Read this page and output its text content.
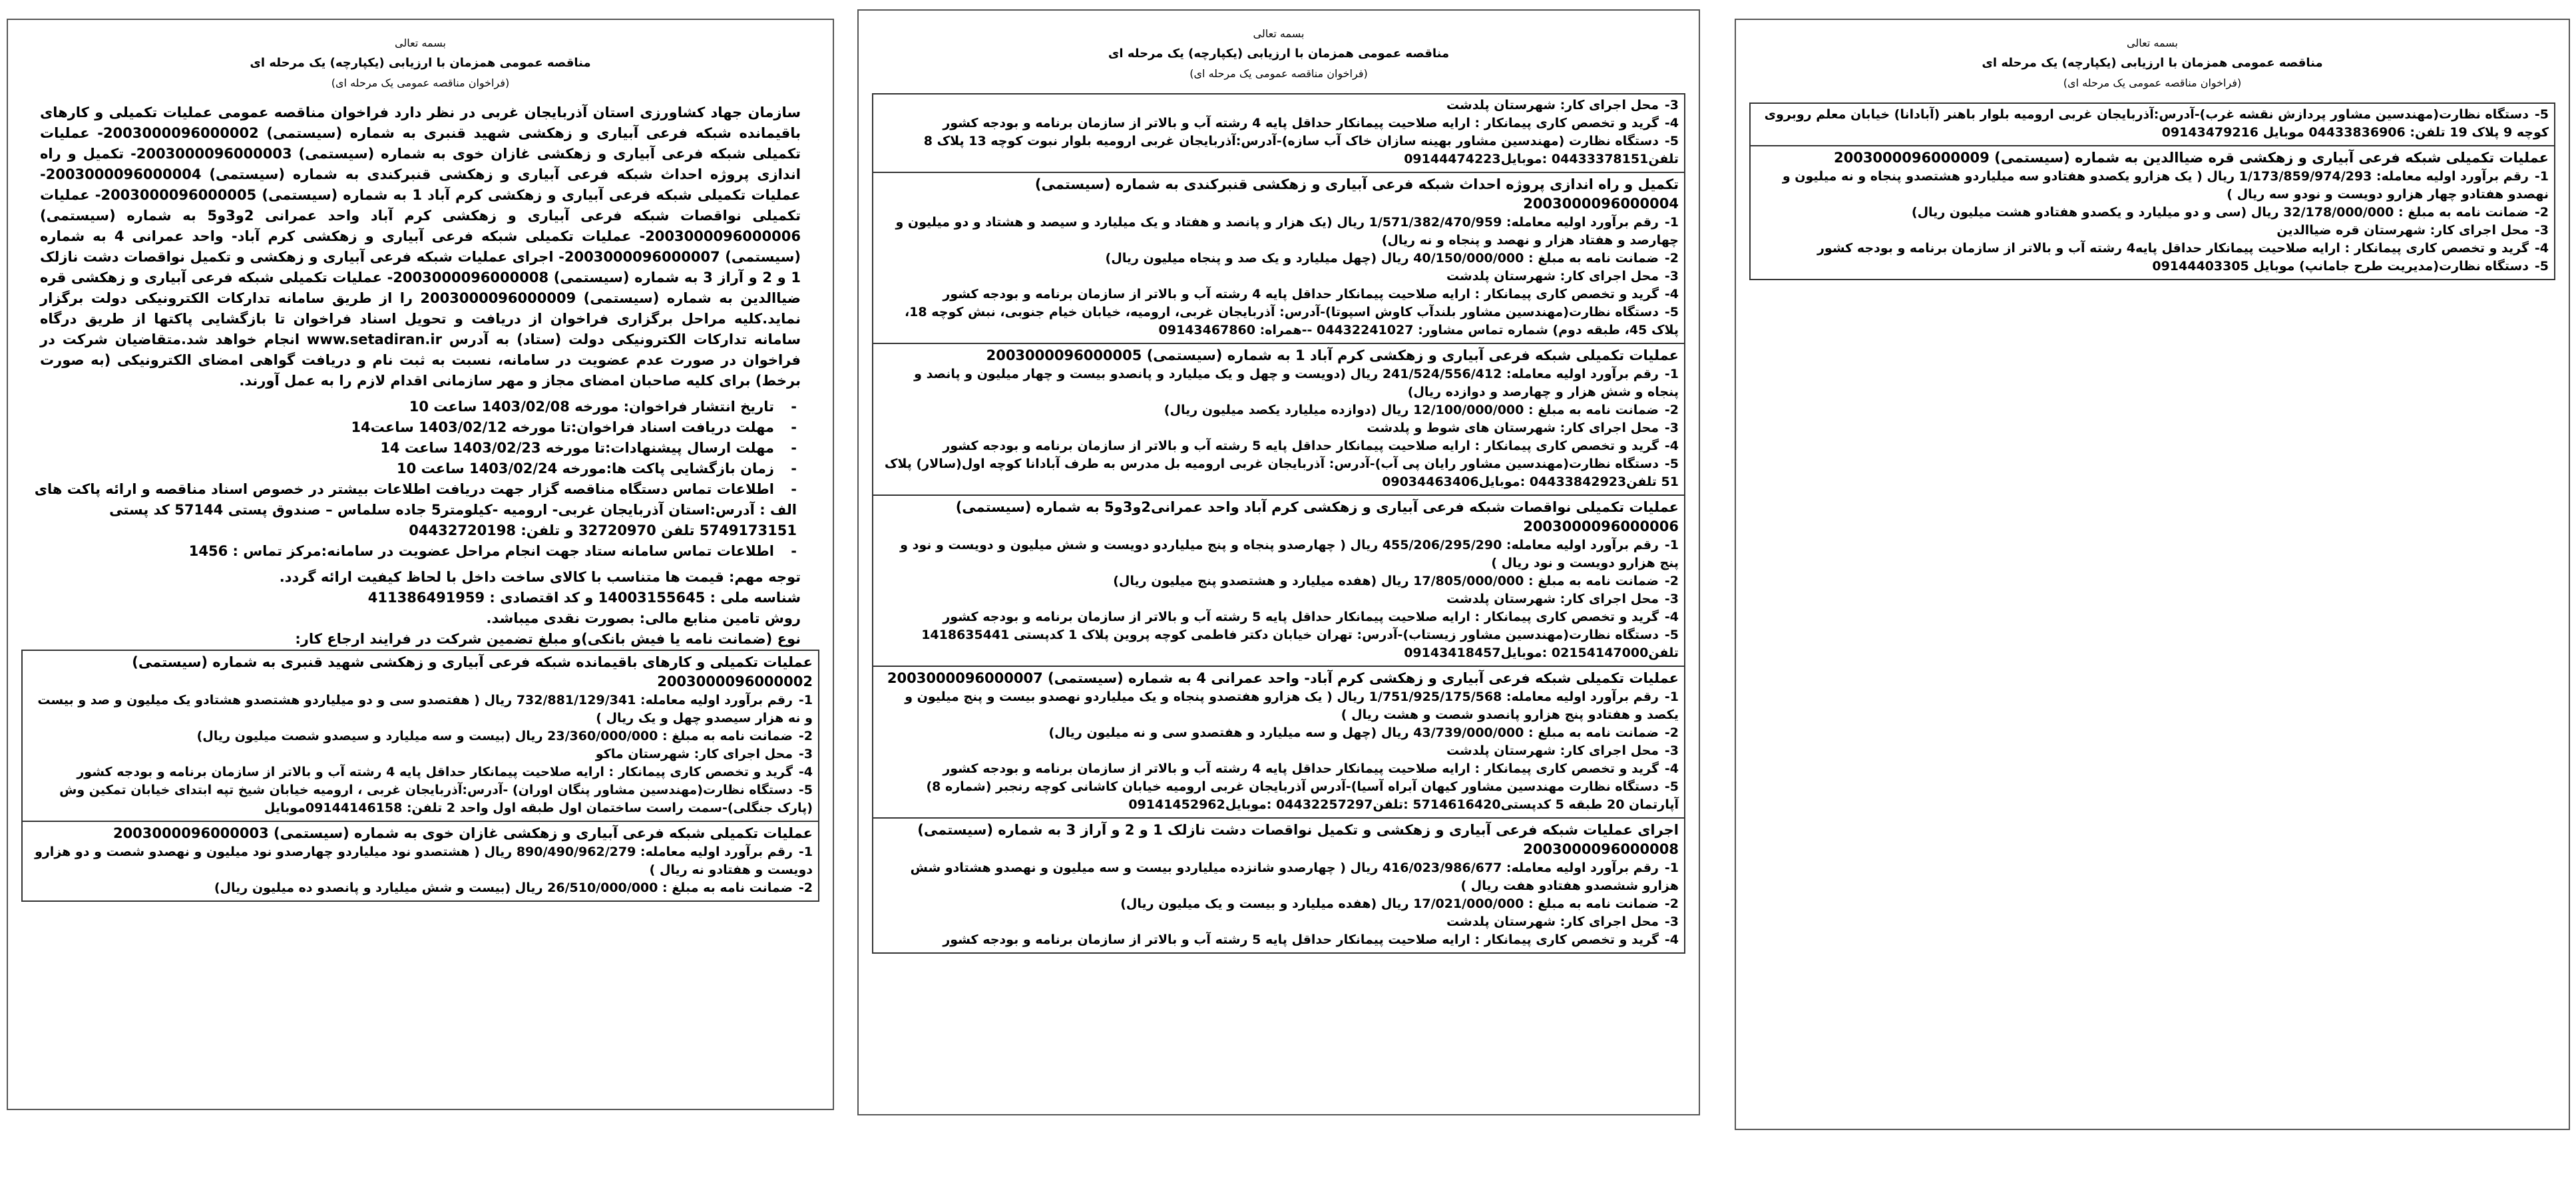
بسمه تعالی
مناقصه عمومی همزمان با ارزیابی (یکپارچه) یک مرحله ای
(فراخوان مناقصه عمومی یک مرحله ای)
سازمان جهاد کشاورزی استان آذربایجان غربی در نظر دارد فراخوان مناقصه عمومی عملیات تکمیلی و کارهای باقیمانده شبکه فرعی آبیاری و زهکشی شهید قنبری به شماره (سیستمی) 2003000096000002- عملیات تکمیلی شبکه فرعی آبیاری و زهکشی غازان خوی به شماره (سیستمی) 2003000096000003- تکمیل و راه اندازی پروژه احداث شبکه فرعی آبیاری و زهکشی قنبرکندی به شماره (سیستمی) 2003000096000004- عملیات تکمیلی شبکه فرعی آبیاری و زهکشی کرم آباد 1 به شماره (سیستمی) 2003000096000005- عملیات تکمیلی نواقصات شبکه فرعی آبیاری و زهکشی کرم آباد واحد عمرانی 2و3و5 به شماره (سیستمی) 2003000096000006- عملیات تکمیلی شبکه فرعی آبیاری و زهکشی کرم آباد- واحد عمرانی 4 به شماره (سیستمی) 2003000096000007- اجرای عملیات شبکه فرعی آبیاری و زهکشی و تکمیل نواقصات دشت نازلک 1 و 2 و آراز 3 به شماره (سیستمی) 2003000096000008- عملیات تکمیلی شبکه فرعی آبیاری و زهکشی قره ضیاالدین به شماره (سیستمی) 2003000096000009 را از طریق سامانه تدارکات الکترونیکی دولت برگزار نماید.کلیه مراحل برگزاری فراخوان از دریافت و تحویل اسناد فراخوان تا بازگشایی پاکتها از طریق درگاه سامانه تدارکات الکترونیکی دولت (ستاد) به آدرس www.setadiran.ir انجام خواهد شد.متقاضیان شرکت در فراخوان در صورت عدم عضویت در سامانه، نسبت به ثبت نام و دریافت گواهی امضای الکترونیکی (به صورت برخط) برای کلیه صاحبان امضای مجاز و مهر سازمانی اقدام لازم را به عمل آورند.
- تاریخ انتشار فراخوان: مورخه 1403/02/08 ساعت 10
- مهلت دریافت اسناد فراخوان:تا مورخه 1403/02/12 ساعت14
- مهلت ارسال پیشنهادات:تا مورخه 1403/02/23 ساعت 14
- زمان بازگشایی پاکت ها:مورخه 1403/02/24 ساعت 10
- اطلاعات تماس دستگاه مناقصه گزار جهت دریافت اطلاعات بیشتر در خصوص اسناد مناقصه و ارائه پاکت های الف : آدرس:استان آذربایجان غربی- ارومیه -کیلومتر5 جاده سلماس – صندوق پستی 57144 کد پستی 5749173151 تلفن 32720970 و تلفن: 04432720198
- اطلاعات تماس سامانه ستاد جهت انجام مراحل عضویت در سامانه:مرکز تماس : 1456
توجه مهم: قیمت ها متناسب با کالای ساخت داخل با لحاظ کیفیت ارائه گردد.
شناسه ملی : 14003155645 و کد اقتصادی : 411386491959
روش تامین منابع مالی: بصورت نقدی میباشد.
نوع (ضمانت نامه یا فیش بانکی)و مبلغ تضمین شرکت در فرایند ارجاع کار:
عملیات تکمیلی و کارهای باقیمانده شبکه فرعی آبیاری و زهکشی شهید قنبری به شماره (سیستمی) 2003000096000002
1-رقم برآورد اولیه معامله: 732/881/129/341 ریال ( هفتصدو سی و دو میلیاردو هشتصدو هشتادو یک میلیون و صد و بیست و نه هزار سیصدو چهل و یک ریال )
2-ضمانت نامه به مبلغ : 23/360/000/000 ریال (بیست و سه میلیارد و سیصدو شصت میلیون ریال)
3-محل اجرای کار: شهرستان ماکو
4-گرید و تخصص کاری پیمانکار : ارایه صلاحیت پیمانکار حداقل پایه 4 رشته آب و بالاتر از سازمان برنامه و بودجه کشور
5-دستگاه نظارت(مهندسین مشاور پنگان اوران) -آدرس:آذربایجان غربی ، ارومیه خیابان شیخ تپه ابتدای خیابان تمکین وش (پارک جنگلی)-سمت راست ساختمان اول طبقه اول واحد 2 تلفن: 09144146158موبایل
عملیات تکمیلی شبکه فرعی آبیاری و زهکشی غازان خوی به شماره (سیستمی) 2003000096000003
1-رقم برآورد اولیه معامله: 890/490/962/279 ریال ( هشتصدو نود میلیاردو چهارصدو نود میلیون و نهصدو شصت و دو هزارو دویست و هفتادو نه ریال )
2-ضمانت نامه به مبلغ : 26/510/000/000 ریال (بیست و شش میلیارد و پانصدو ده میلیون ریال)
بسمه تعالی
مناقصه عمومی همزمان با ارزیابی (یکپارچه) یک مرحله ای
(فراخوان مناقصه عمومی یک مرحله ای)
3-محل اجرای کار: شهرستان پلدشت
4-گرید و تخصص کاری پیمانکار : ارایه صلاحیت پیمانکار حداقل پایه 4 رشته آب و بالاتر از سازمان برنامه و بودجه کشور
5-دستگاه نظارت (مهندسین مشاور بهینه سازان خاک آب سازه)-آدرس:آذربایجان غربی ارومیه بلوار نبوت کوچه 13 پلاک 8 تلفن04433378151 :موبایل09144474223
تکمیل و راه اندازی پروژه احداث شبکه فرعی آبیاری و زهکشی قنبرکندی به شماره (سیستمی) 2003000096000004
1-رقم برآورد اولیه معامله: 1/571/382/470/959 ریال (یک هزار و پانصد و هفتاد و یک میلیارد و سیصد و هشتاد و دو میلیون و چهارصد و هفتاد هزار و نهصد و پنجاه و نه ریال)
2-ضمانت نامه به مبلغ : 40/150/000/000 ریال (چهل میلیارد و یک صد و پنجاه میلیون ریال)
3-محل اجرای کار: شهرستان پلدشت
4-گرید و تخصص کاری پیمانکار : ارایه صلاحیت پیمانکار حداقل پایه 4 رشته آب و بالاتر از سازمان برنامه و بودجه کشور
5-دستگاه نظارت(مهندسین مشاور بلندآب کاوش اسپوتا)-آدرس: آذربایجان غربی، ارومیه، خیابان خیام جنوبی، نبش کوچه 18، پلاک 45، طبقه دوم) شماره تماس مشاور: 04432241027 --همراه: 09143467860
عملیات تکمیلی شبکه فرعی آبیاری و زهکشی کرم آباد 1 به شماره (سیستمی) 2003000096000005
1-رقم برآورد اولیه معامله: 241/524/556/412 ریال (دویست و چهل و یک میلیارد و پانصدو بیست و چهار میلیون و پانصد و پنجاه و شش هزار و چهارصد و دوازده ریال)
2-ضمانت نامه به مبلغ : 12/100/000/000 ریال (دوازده میلیارد یکصد میلیون ریال)
3-محل اجرای کار: شهرستان های شوط و پلدشت
4-گرید و تخصص کاری پیمانکار : ارایه صلاحیت پیمانکار حداقل پایه 5 رشته آب و بالاتر از سازمان برنامه و بودجه کشور
5-دستگاه نظارت(مهندسین مشاور رایان پی آب)-آدرس: آذربایجان غربی ارومیه بل مدرس به طرف آبادانا کوچه اول(سالار) پلاک 51 تلفن04433842923 :موبایل09034463406
عملیات تکمیلی نواقصات شبکه فرعی آبیاری و زهکشی کرم آباد واحد عمرانی2و3و5 به شماره (سیستمی) 2003000096000006
1-رقم برآورد اولیه معامله: 455/206/295/290 ریال ( چهارصدو پنجاه و پنج میلیاردو دویست و شش میلیون و دویست و نود و پنج هزارو دویست و نود ریال )
2-ضمانت نامه به مبلغ : 17/805/000/000 ریال (هفده میلیارد و هشتصدو پنج میلیون ریال)
3-محل اجرای کار: شهرستان پلدشت
4-گرید و تخصص کاری پیمانکار : ارایه صلاحیت پیمانکار حداقل پایه 5 رشته آب و بالاتر از سازمان برنامه و بودجه کشور
5-دستگاه نظارت(مهندسین مشاور زیستاب)-آدرس: تهران خیابان دکتر فاطمی کوچه پروین پلاک 1 کدپستی 1418635441 تلفن02154147000 :موبایل09143418457
عملیات تکمیلی شبکه فرعی آبیاری و زهکشی کرم آباد- واحد عمرانی 4 به شماره (سیستمی) 2003000096000007
1-رقم برآورد اولیه معامله: 1/751/925/175/568 ریال ( یک هزارو هفتصدو پنجاه و یک میلیاردو نهصدو بیست و پنج میلیون و یکصد و هفتادو پنج هزارو پانصدو شصت و هشت ریال )
2-ضمانت نامه به مبلغ : 43/739/000/000 ریال (چهل و سه میلیارد و هفتصدو سی و نه میلیون ریال)
3-محل اجرای کار: شهرستان پلدشت
4-گرید و تخصص کاری پیمانکار : ارایه صلاحیت پیمانکار حداقل پایه 4 رشته آب و بالاتر از سازمان برنامه و بودجه کشور
5-دستگاه نظارت مهندسین مشاور کیهان آبراه آسیا)-آدرس آذربایجان غربی ارومیه خیابان کاشانی کوچه رنجبر (شماره 8) آپارتمان 20 طبقه 5 کدپستی5714616420 :تلفن04432257297 :موبایل09141452962
اجرای عملیات شبکه فرعی آبیاری و زهکشی و تکمیل نواقصات دشت نازلک 1 و 2 و آراز 3 به شماره (سیستمی) 2003000096000008
1-رقم برآورد اولیه معامله: 416/023/986/677 ریال ( چهارصدو شانزده میلیاردو بیست و سه میلیون و نهصدو هشتادو شش هزارو ششصدو هفتادو هفت ریال )
2-ضمانت نامه به مبلغ : 17/021/000/000 ریال (هفده میلیارد و بیست و یک میلیون ریال)
3-محل اجرای کار: شهرستان پلدشت
4-گرید و تخصص کاری پیمانکار : ارایه صلاحیت پیمانکار حداقل پایه 5 رشته آب و بالاتر از سازمان برنامه و بودجه کشور
بسمه تعالی
مناقصه عمومی همزمان با ارزیابی (یکپارچه) یک مرحله ای
(فراخوان مناقصه عمومی یک مرحله ای)
5-دستگاه نظارت(مهندسین مشاور پردازش نقشه غرب)-آدرس:آذربایجان غربی ارومیه بلوار باهنر (آبادانا) خیابان معلم روبروی کوچه 9 پلاک 19 تلفن: 04433836906 موبایل 09143479216
عملیات تکمیلی شبکه فرعی آبیاری و زهکشی قره ضیاالدین به شماره (سیستمی) 2003000096000009
1-رقم برآورد اولیه معامله: 1/173/859/974/293 ریال ( یک هزارو یکصدو هفتادو سه میلیاردو هشتصدو پنجاه و نه میلیون و نهصدو هفتادو چهار هزارو دویست و نودو سه ریال )
2-ضمانت نامه به مبلغ : 32/178/000/000 ریال (سی و دو میلیارد و یکصدو هفتادو هشت میلیون ریال)
3-محل اجرای کار: شهرستان قره ضیاالدین
4-گرید و تخصص کاری پیمانکار : ارایه صلاحیت پیمانکار حداقل پایه4 رشته آب و بالاتر از سازمان برنامه و بودجه کشور
5-دستگاه نظارت(مدیریت طرح جامانپ) موبایل 09144403305
